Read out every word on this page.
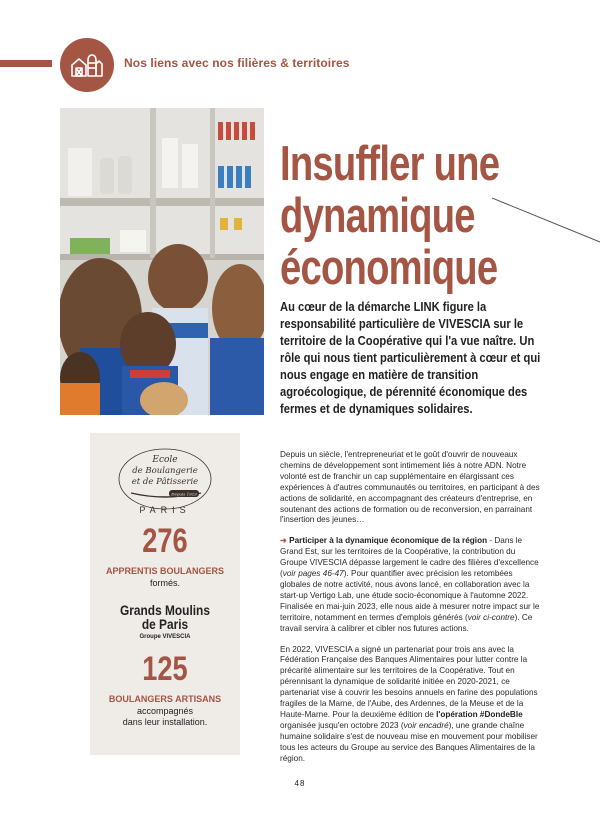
Nos liens avec nos filières & territoires
Insuffler une
dynamique
économique
Au cœur de la démarche LINK figure la responsabilité particulière de VIVESCIA sur le territoire de la Coopérative qui l'a vue naître. Un rôle qui nous tient particulièrement à cœur et qui nous engage en matière de transition agroécologique, de pérennité économique des fermes et de dynamiques solidaires.
Ecole
de Boulangerie
et de Pâtisserie
Depuis 1929
PARIS
276
APPRENTIS BOULANGERS
formés.
Grands Moulins
de Paris
Groupe VIVESCIA
125
BOULANGERS ARTISANS
accompagnés
dans leur installation.

Depuis un siècle, l'entrepreneuriat et le goût d'ouvrir de nouveaux chemins de développement sont intimement liés à notre ADN. Notre volonté est de franchir un cap supplémentaire en élargissant ces expériences à d'autres communautés ou territoires, en participant à des actions de solidarité, en accompagnant des créateurs d'entreprise, en soutenant des actions de formation ou de reconversion, en parrainant l'insertion des jeunes…

➜ Participer à la dynamique économique de la région - Dans le Grand Est, sur les territoires de la Coopérative, la contribution du Groupe VIVESCIA dépasse largement le cadre des filières d'excellence (voir pages 46-47). Pour quantifier avec précision les retombées globales de notre activité, nous avons lancé, en collaboration avec la start-up Vertigo Lab, une étude socio-économique à l'automne 2022. Finalisée en mai-juin 2023, elle nous aide à mesurer notre impact sur le territoire, notamment en termes d'emplois générés (voir ci-contre). Ce travail servira à calibrer et cibler nos futures actions.

En 2022, VIVESCIA a signé un partenariat pour trois ans avec la Fédération Française des Banques Alimentaires pour lutter contre la précarité alimentaire sur les territoires de la Coopérative. Tout en pérennisant la dynamique de solidarité initiée en 2020-2021, ce partenariat vise à couvrir les besoins annuels en farine des populations fragiles de la Marne, de l'Aube, des Ardennes, de la Meuse et de la Haute-Marne. Pour la deuxième édition de l'opération #DondeBle organisée jusqu'en octobre 2023 (voir encadré), une grande chaîne humaine solidaire s'est de nouveau mise en mouvement pour mobiliser tous les acteurs du Groupe au service des Banques Alimentaires de la région.

48
